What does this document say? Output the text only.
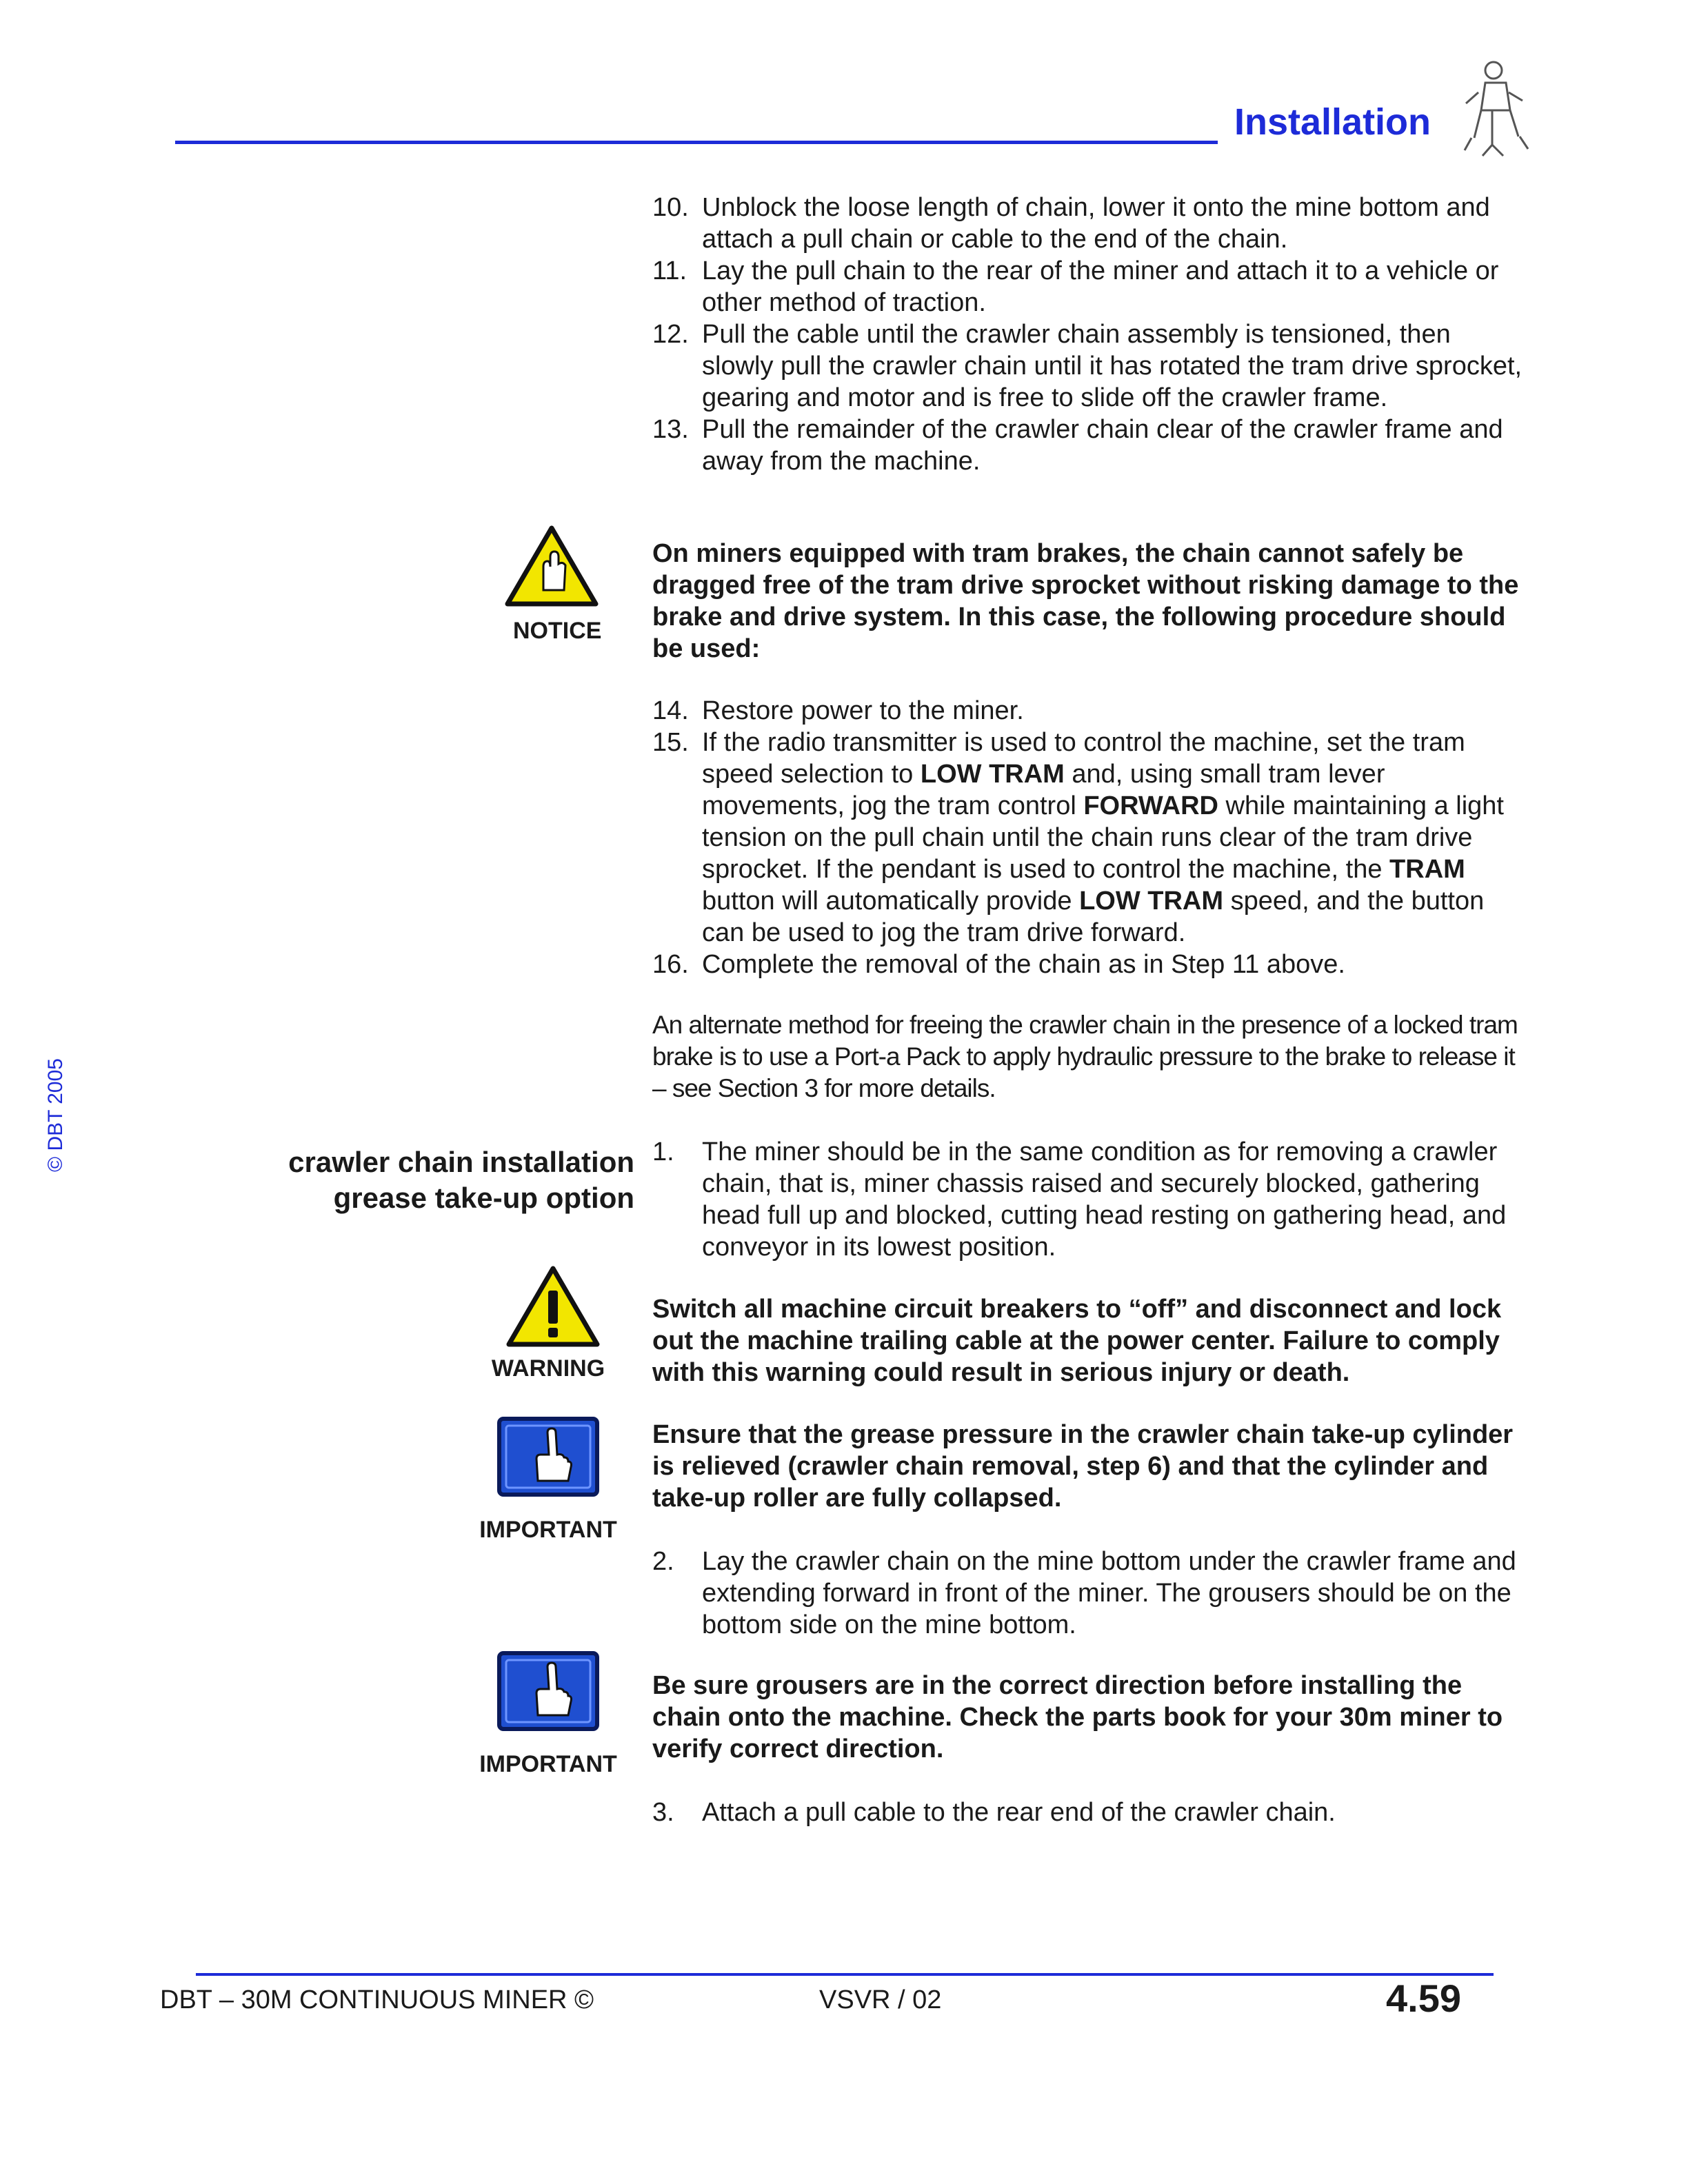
Installation
© DBT 2005
10. Unblock the loose length of chain, lower it onto the mine bottom and attach a pull chain or cable to the end of the chain.
11. Lay the pull chain to the rear of the miner and attach it to a vehicle or other method of traction.
12. Pull the cable until the crawler chain assembly is tensioned, then slowly pull the crawler chain until it has rotated the tram drive sprocket, gearing and motor and is free to slide off the crawler frame.
13. Pull the remainder of the crawler chain clear of the crawler frame and away from the machine.
NOTICE
On miners equipped with tram brakes, the chain cannot safely be dragged free of the tram drive sprocket without risking damage to the brake and drive system. In this case, the following procedure should be used:
14. Restore power to the miner.
15. If the radio transmitter is used to control the machine, set the tram speed selection to LOW TRAM and, using small tram lever movements, jog the tram control FORWARD while maintaining a light tension on the pull chain until the chain runs clear of the tram drive sprocket. If the pendant is used to control the machine, the TRAM button will automatically provide LOW TRAM speed, and the button can be used to jog the tram drive forward.
16. Complete the removal of the chain as in Step 11 above.
An alternate method for freeing the crawler chain in the presence of a locked tram brake is to use a Port-a Pack to apply hydraulic pressure to the brake to release it – see Section 3 for more details.
crawler chain installation
grease take-up option
1. The miner should be in the same condition as for removing a crawler chain, that is, miner chassis raised and securely blocked, gathering head full up and blocked, cutting head resting on gathering head, and conveyor in its lowest position.
WARNING
Switch all machine circuit breakers to “off” and disconnect and lock out the machine trailing cable at the power center. Failure to comply with this warning could result in serious injury or death.
IMPORTANT
Ensure that the grease pressure in the crawler chain take-up cylinder is relieved (crawler chain removal, step 6) and that the cylinder and take-up roller are fully collapsed.
2. Lay the crawler chain on the mine bottom under the crawler frame and extending forward in front of the miner. The grousers should be on the bottom side on the mine bottom.
IMPORTANT
Be sure grousers are in the correct direction before installing the chain onto the machine. Check the parts book for your 30m miner to verify correct direction.
3. Attach a pull cable to the rear end of the crawler chain.
DBT – 30M CONTINUOUS MINER ©	VSVR / 02	4.59
